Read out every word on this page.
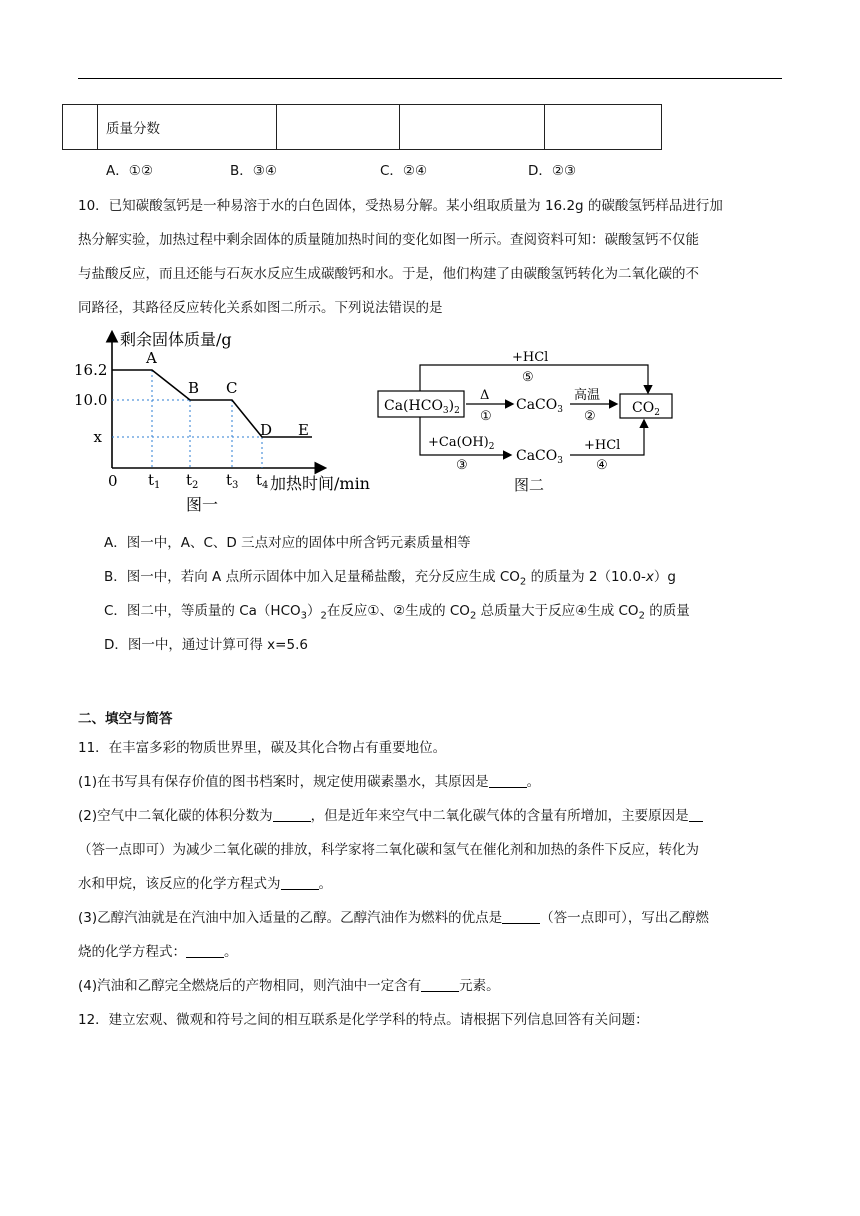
	质量分数			
A．①②	B．③④	C．②④	D．②③
10．已知碳酸氢钙是一种易溶于水的白色固体，受热易分解。某小组取质量为 16.2g 的碳酸氢钙样品进行加
热分解实验，加热过程中剩余固体的质量随加热时间的变化如图一所示。查阅资料可知：碳酸氢钙不仅能
与盐酸反应，而且还能与石灰水反应生成碳酸钙和水。于是，他们构建了由碳酸氢钙转化为二氧化碳的不
同路径，其路径反应转化关系如图二所示。下列说法错误的是
剩余固体质量/g
加热时间/min
16.2
10.0
x
0 $t_1$ $t_2$ $t_3$ $t_4$
A
B C
D E
图一
$Ca(HCO_3)_2$	$CO_2$
+HCl
⑤
Δ
①
CaCO$_3$
高温
②
$+Ca(OH)_2$
③
CaCO$_3$
+HCl
④
图二
A．图一中，A、C、D 三点对应的固体中所含钙元素质量相等
B．图一中，若向 A 点所示固体中加入足量稀盐酸，充分反应生成 $CO_2$ 的质量为 2（10.0-x）g
C．图二中，等质量的 $Ca(HCO_3)_2$在反应①、②生成的 $CO_2$ 总质量大于反应④生成 $CO_2$ 的质量
D．图一中，通过计算可得 x=5.6
二、填空与简答
11．在丰富多彩的物质世界里，碳及其化合物占有重要地位。
(1)在书写具有保存价值的图书档案时，规定使用碳素墨水，其原因是	。
(2)空气中二氧化碳的体积分数为	，但是近年来空气中二氧化碳气体的含量有所增加，主要原因是
（答一点即可）为减少二氧化碳的排放，科学家将二氧化碳和氢气在催化剂和加热的条件下反应，转化为
水和甲烷，该反应的化学方程式为	。
(3)乙醇汽油就是在汽油中加入适量的乙醇。乙醇汽油作为燃料的优点是	（答一点即可），写出乙醇燃
烧的化学方程式：	。
(4)汽油和乙醇完全燃烧后的产物相同，则汽油中一定含有	元素。
12．建立宏观、微观和符号之间的相互联系是化学学科的特点。请根据下列信息回答有关问题：
